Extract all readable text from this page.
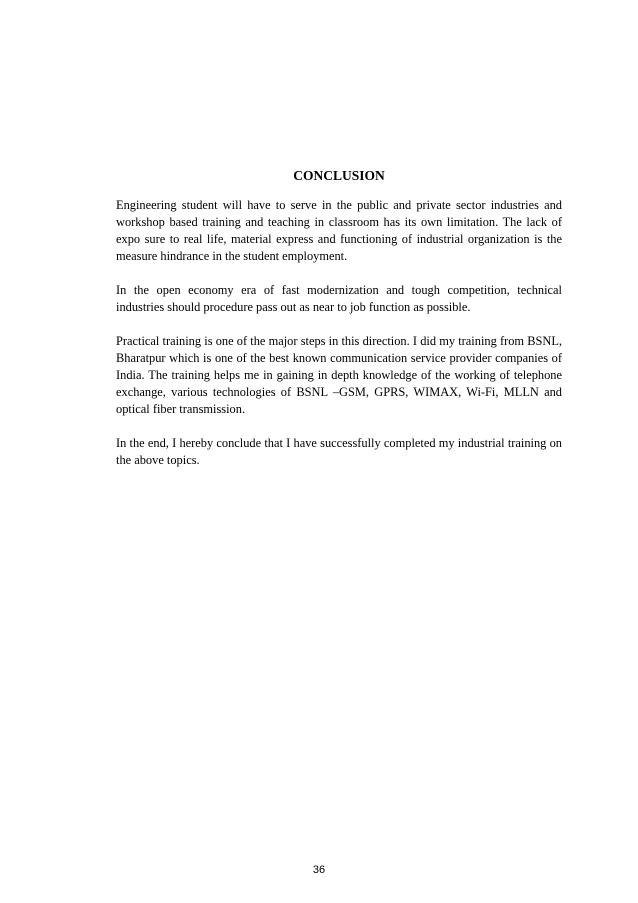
CONCLUSION

Engineering student will have to serve in the public and private sector industries and workshop based training and teaching in classroom has its own limitation. The lack of expo sure to real life, material express and functioning of industrial organization is the measure hindrance in the student employment.

In the open economy era of fast modernization and tough competition, technical industries should procedure pass out as near to job function as possible.

Practical training is one of the major steps in this direction. I did my training from BSNL, Bharatpur which is one of the best known communication service provider companies of India. The training helps me in gaining in depth knowledge of the working of telephone exchange, various technologies of BSNL –GSM, GPRS, WIMAX, Wi-Fi, MLLN and optical fiber transmission.

In the end, I hereby conclude that I have successfully completed my industrial training on the above topics.

36
